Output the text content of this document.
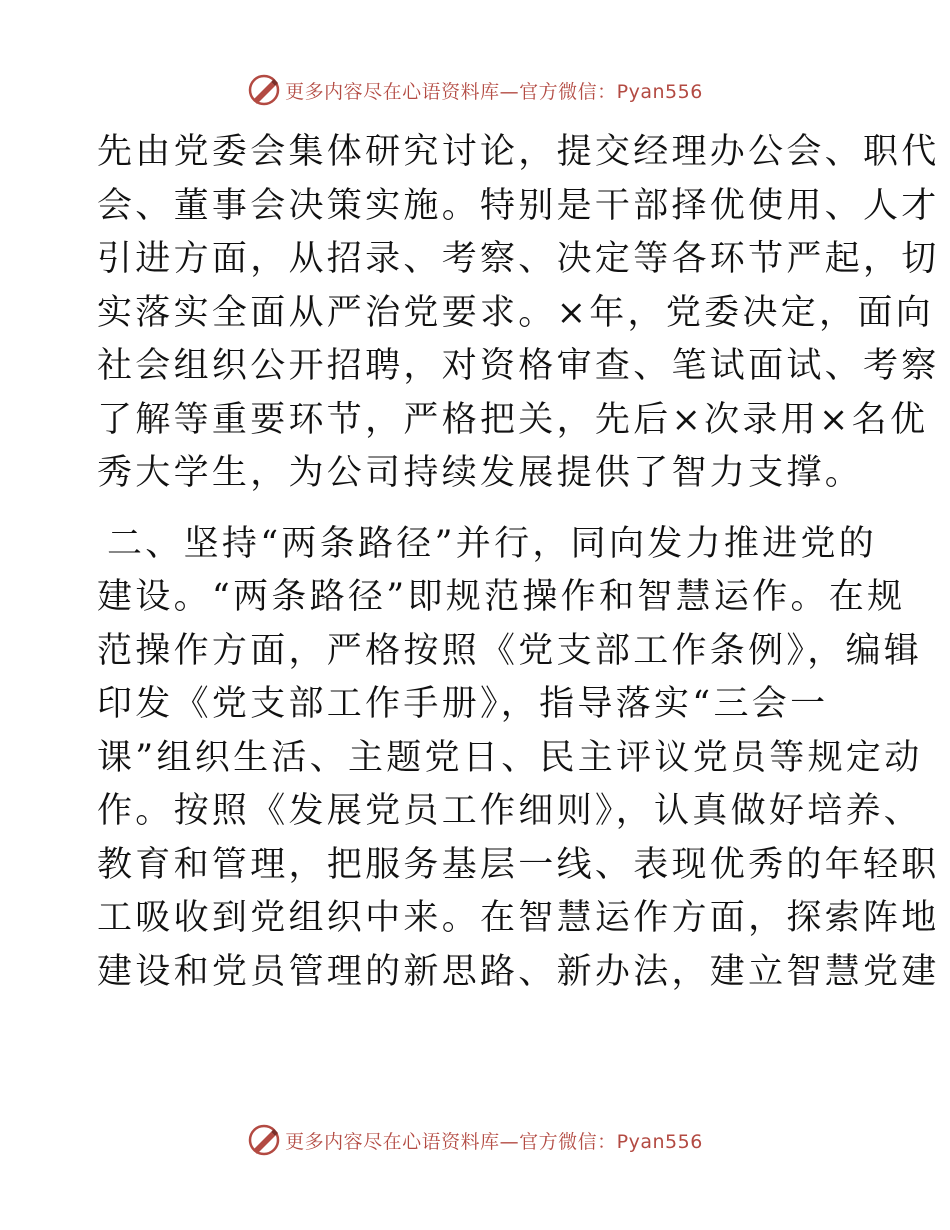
更多内容尽在心语资料库—官方微信：Pyan556
先由党委会集体研究讨论，提交经理办公会、职代
会、董事会决策实施。特别是干部择优使用、人才
引进方面，从招录、考察、决定等各环节严起，切
实落实全面从严治党要求。×年，党委决定，面向
社会组织公开招聘，对资格审查、笔试面试、考察
了解等重要环节，严格把关，先后×次录用×名优
秀大学生，为公司持续发展提供了智力支撑。
二、坚持“两条路径”并行，同向发力推进党的
建设。“两条路径”即规范操作和智慧运作。在规
范操作方面，严格按照《党支部工作条例》，编辑
印发《党支部工作手册》，指导落实“三会一
课”组织生活、主题党日、民主评议党员等规定动
作。按照《发展党员工作细则》，认真做好培养、
教育和管理，把服务基层一线、表现优秀的年轻职
工吸收到党组织中来。在智慧运作方面，探索阵地
建设和党员管理的新思路、新办法，建立智慧党建
更多内容尽在心语资料库—官方微信：Pyan556
